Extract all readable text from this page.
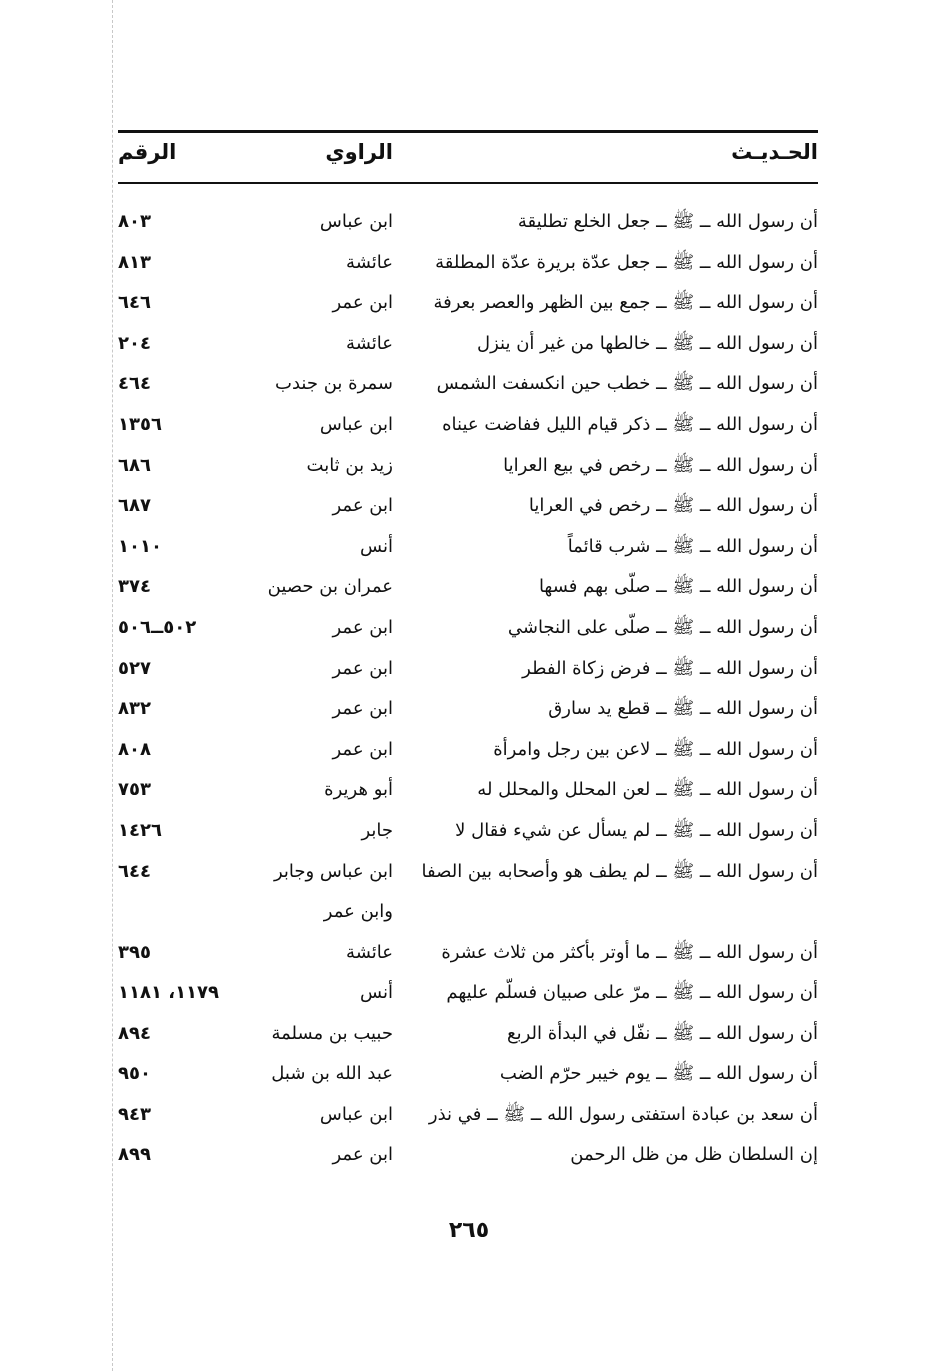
الحـديـث
الراوي
الرقم
أن رسول الله ــ ﷺ ــ جعل الخلع تطليقة
ابن عباس
٨٠٣
أن رسول الله ــ ﷺ ــ جعل عدّة بريرة عدّة المطلقة
عائشة
٨١٣
أن رسول الله ــ ﷺ ــ جمع بين الظهر والعصر بعرفة
ابن عمر
٦٤٦
أن رسول الله ــ ﷺ ــ خالطها من غير أن ينزل
عائشة
٢٠٤
أن رسول الله ــ ﷺ ــ خطب حين انكسفت الشمس
سمرة بن جندب
٤٦٤
أن رسول الله ــ ﷺ ــ ذكر قيام الليل ففاضت عيناه
ابن عباس
١٣٥٦
أن رسول الله ــ ﷺ ــ رخص في بيع العرايا
زيد بن ثابت
٦٨٦
أن رسول الله ــ ﷺ ــ رخص في العرايا
ابن عمر
٦٨٧
أن رسول الله ــ ﷺ ــ شرب قائماً
أنس
١٠١٠
أن رسول الله ــ ﷺ ــ صلّى بهم فسها
عمران بن حصين
٣٧٤
أن رسول الله ــ ﷺ ــ صلّى على النجاشي
ابن عمر
٥٠٢ــ٥٠٦
أن رسول الله ــ ﷺ ــ فرض زكاة الفطر
ابن عمر
٥٢٧
أن رسول الله ــ ﷺ ــ قطع يد سارق
ابن عمر
٨٣٢
أن رسول الله ــ ﷺ ــ لاعن بين رجل وامرأة
ابن عمر
٨٠٨
أن رسول الله ــ ﷺ ــ لعن المحلل والمحلل له
أبو هريرة
٧٥٣
أن رسول الله ــ ﷺ ــ لم يسأل عن شيء فقال لا
جابر
١٤٢٦
أن رسول الله ــ ﷺ ــ لم يطف هو وأصحابه بين الصفا
ابن عباس وجابر
وابن عمر
٦٤٤
أن رسول الله ــ ﷺ ــ ما أوتر بأكثر من ثلاث عشرة
عائشة
٣٩٥
أن رسول الله ــ ﷺ ــ مرّ على صبيان فسلّم عليهم
أنس
١١٧٩، ١١٨١
أن رسول الله ــ ﷺ ــ نفّل في البدأة الربع
حبيب بن مسلمة
٨٩٤
أن رسول الله ــ ﷺ ــ يوم خيبر حرّم الضب
عبد الله بن شبل
٩٥٠
أن سعد بن عبادة استفتى رسول الله ــ ﷺ ــ في نذر
ابن عباس
٩٤٣
إن السلطان ظل من ظل الرحمن
ابن عمر
٨٩٩
٢٦٥
